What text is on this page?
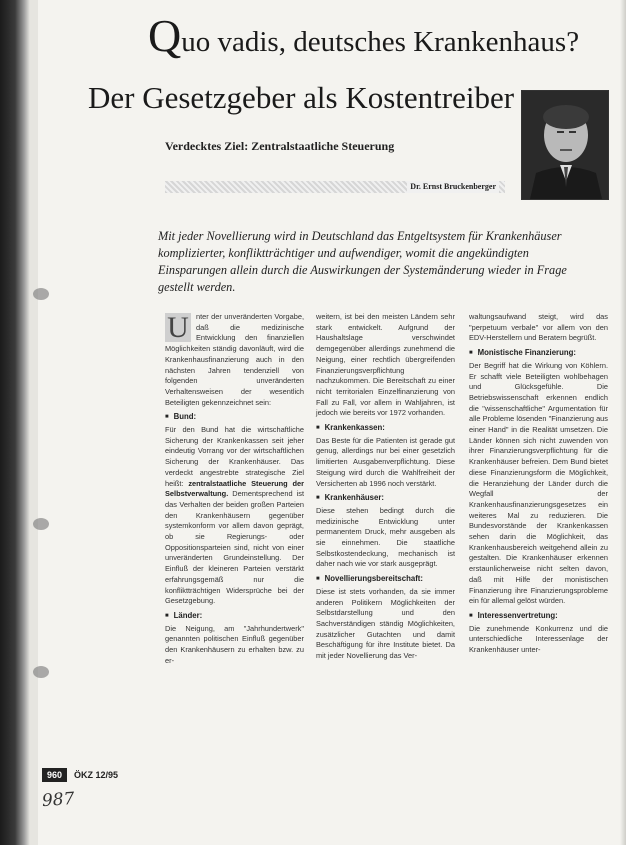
Quo vadis, deutsches Krankenhaus?
Der Gesetzgeber als Kostentreiber
Verdecktes Ziel: Zentralstaatliche Steuerung
Dr. Ernst Bruckenberger
Mit jeder Novellierung wird in Deutschland das Entgeltsystem für Krankenhäuser komplizierter, konfliktträchtiger und aufwendiger, womit die angekündigten Einsparungen allein durch die Auswirkungen der Systemänderung wieder in Frage gestellt werden.

U nter der unveränderten Vorgabe, daß die medizinische Entwicklung den finanziellen Möglichkeiten ständig davonläuft, wird die Krankenhausfinanzierung auch in den nächsten Jahren tendenziell von folgenden unveränderten Verhaltensweisen der wesentlich Beteiligten gekennzeichnet sein:

■ Bund:

Für den Bund hat die wirtschaftliche Sicherung der Krankenkassen seit jeher eindeutig Vorrang vor der wirtschaftlichen Sicherung der Krankenhäuser. Das verdeckt angestrebte strategische Ziel heißt: zentralstaatliche Steuerung der Selbstverwaltung. Dementsprechend ist das Verhalten der beiden großen Parteien den Krankenhäusern gegenüber systemkonform vor allem davon geprägt, ob sie Regierungs- oder Oppositionsparteien sind, nicht von einer unveränderten Grundeinstellung. Der Einfluß der kleineren Parteien verstärkt erfahrungsgemäß nur die konfliktträchtigen Widersprüche bei der Gesetzgebung.

■ Länder:

Die Neigung, am "Jahrhundertwerk" genannten politischen Einfluß gegenüber den Krankenhäusern zu erhalten bzw. zu er-

weitern, ist bei den meisten Ländern sehr stark entwickelt. Aufgrund der Haushaltslage verschwindet demgegenüber allerdings zunehmend die Neigung, einer rechtlich übergreifenden Finanzierungsverpflichtung nachzukommen. Die Bereitschaft zu einer nicht territorialen Einzelfinanzierung von Fall zu Fall, vor allem in Wahljahren, ist jedoch wie bereits vor 1972 vorhanden.

■ Krankenkassen:

Das Beste für die Patienten ist gerade gut genug, allerdings nur bei einer gesetzlich limitierten Ausgabenverpflichtung. Diese Steigung wird durch die Wahlfreiheit der Versicherten ab 1996 noch verstärkt.

■ Krankenhäuser:

Diese stehen bedingt durch die medizinische Entwicklung unter permanentem Druck, mehr ausgeben als sie einnehmen. Die staatliche Selbstkostendeckung, mechanisch ist daher nach wie vor stark ausgeprägt.

■ Novellierungsbereitschaft:

Diese ist stets vorhanden, da sie immer anderen Politikern Möglichkeiten der Selbstdarstellung und den Sachverständigen ständig Möglichkeiten, zusätzlicher Gutachten und damit Beschäftigung für ihre Institute bietet. Da mit jeder Novellierung das Ver-

waltungsaufwand steigt, wird das "perpetuum verbale" vor allem von den EDV-Herstellern und Beratern begrüßt.

■ Monistische Finanzierung:

Der Begriff hat die Wirkung von Köhlern. Er schafft viele Beteiligten wohlbehagen und Glücksgefühle. Die Betriebswissenschaft erkennen endlich die "wissenschaftliche" Argumentation für alle Probleme lösenden "Finanzierung aus einer Hand" in die Realität umsetzen. Die Länder können sich nicht zuwenden von ihrer Finanzierungsverpflichtung für die Krankenhäuser befreien. Dem Bund bietet diese Finanzierungsform die Möglichkeit, die Heranziehung der Länder durch die Wegfall der Krankenhausfinanzierungsgesetzes ein weiteres Mal zu reduzieren. Die Bundesvorstände der Krankenkassen sehen darin die Möglichkeit, das Krankenhausbereich weitgehend allein zu gestalten. Die Krankenhäuser erkennen erstaunlicherweise nicht selten davon, daß mit Hilfe der monistischen Finanzierung ihre Finanzierungsprobleme ein für allemal gelöst würden.

■ Interessenvertretung:

Die zunehmende Konkurrenz und die unterschiedliche Interessenlage der Krankenhäuser unter-

960	ÖKZ 12/95
987
